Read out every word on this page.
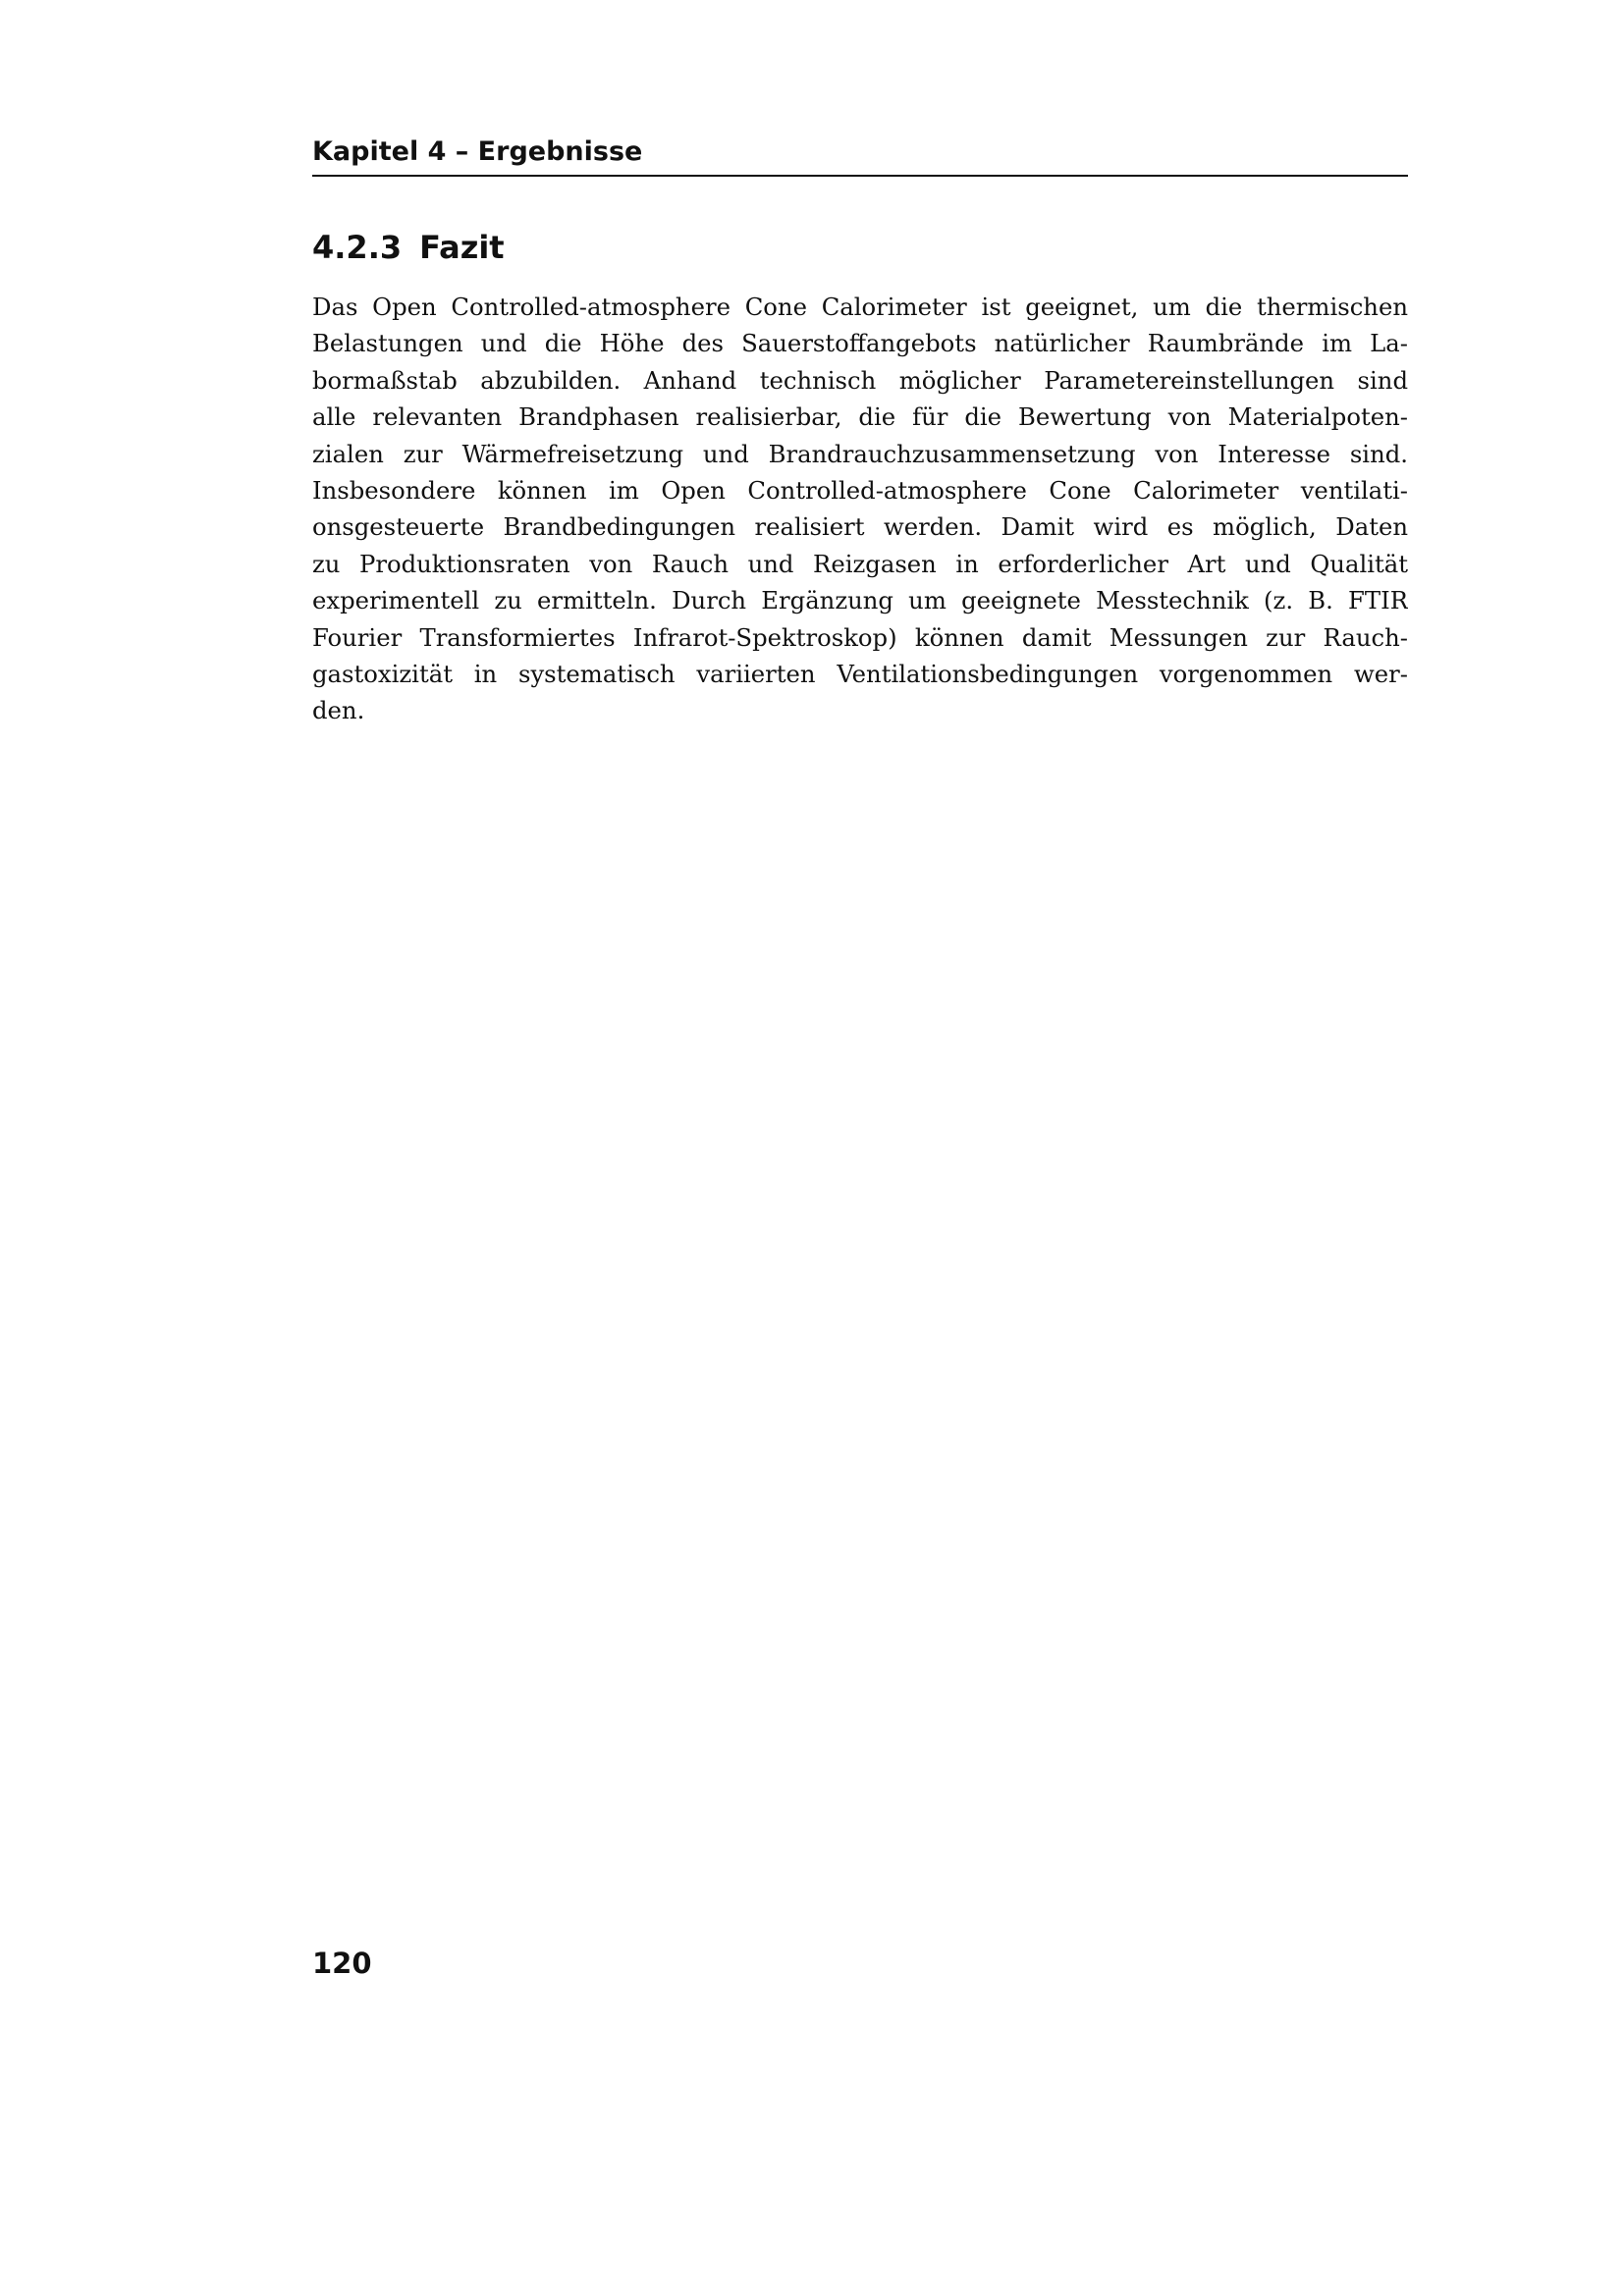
Kapitel 4 – Ergebnisse
4.2.3 Fazit
Das Open Controlled-atmosphere Cone Calorimeter ist geeignet, um die thermischen
Belastungen und die Höhe des Sauerstoffangebots natürlicher Raumbrände im La-
bormaßstab abzubilden. Anhand technisch möglicher Parametereinstellungen sind
alle relevanten Brandphasen realisierbar, die für die Bewertung von Materialpoten-
zialen zur Wärmefreisetzung und Brandrauchzusammensetzung von Interesse sind.
Insbesondere können im Open Controlled-atmosphere Cone Calorimeter ventilati-
onsgesteuerte Brandbedingungen realisiert werden. Damit wird es möglich, Daten
zu Produktionsraten von Rauch und Reizgasen in erforderlicher Art und Qualität
experimentell zu ermitteln. Durch Ergänzung um geeignete Messtechnik (z. B. FTIR
Fourier Transformiertes Infrarot-Spektroskop) können damit Messungen zur Rauch-
gastoxizität in systematisch variierten Ventilationsbedingungen vorgenommen wer-
den.
120
